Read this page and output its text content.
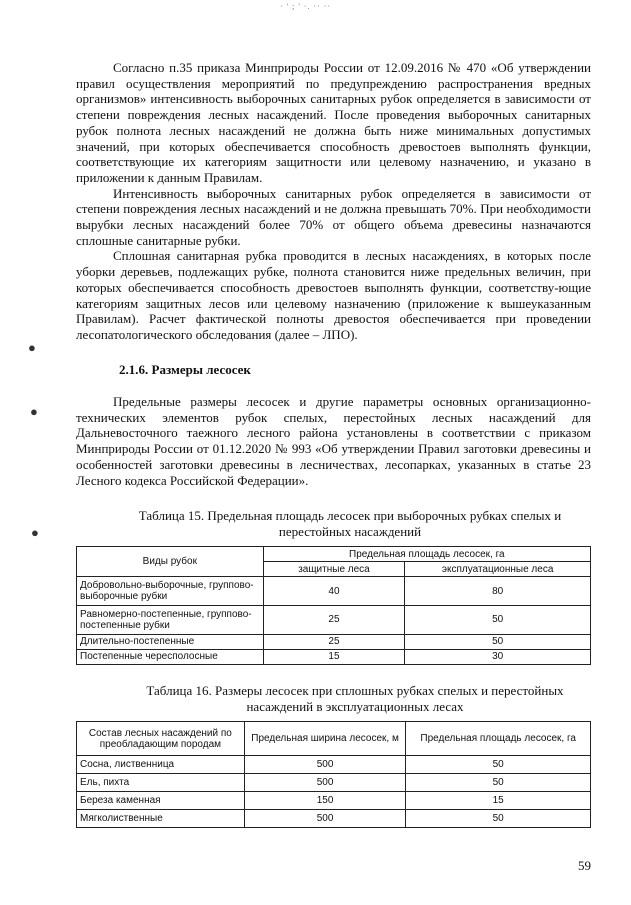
· ' ; ' ·. ·· ··
●
●
●

Согласно п.35 приказа Минприроды России от 12.09.2016 № 470 «Об утверждении правил осуществления мероприятий по предупреждению распространения вредных организмов» интенсивность выборочных санитарных рубок определяется в зависимости от степени повреждения лесных насаждений. После проведения выборочных санитарных рубок полнота лесных насаждений не должна быть ниже минимальных допустимых значений, при которых обеспечивается способность древостоев выполнять функции, соответствующие их категориям защитности или целевому назначению, и указано в приложении к данным Правилам.

Интенсивность выборочных санитарных рубок определяется в зависимости от степени повреждения лесных насаждений и не должна превышать 70%. При необходимости вырубки лесных насаждений более 70% от общего объема древесины назначаются сплошные санитарные рубки.

Сплошная санитарная рубка проводится в лесных насаждениях, в которых после уборки деревьев, подлежащих рубке, полнота становится ниже предельных величин, при которых обеспечивается способность древостоев выполнять функции, соответству-ющие категориям защитных лесов или целевому назначению (приложение к вышеуказанным Правилам). Расчет фактической полноты древостоя обеспечивается при проведении лесопатологического обследования (далее – ЛПО).

2.1.6. Размеры лесосек

Предельные размеры лесосек и другие параметры основных организационно-технических элементов рубок спелых, перестойных лесных насаждений для Дальневосточного таежного лесного района установлены в соответствии с приказом Минприроды России от 01.12.2020 № 993 «Об утверждении Правил заготовки древесины и особенностей заготовки древесины в лесничествах, лесопарках, указанных в статье 23 Лесного кодекса Российской Федерации».

Таблица 15. Предельная площадь лесосек при выборочных рубках спелых и перестойных насаждений
Виды рубок	Предельная площадь лесосек, га	
	защитные леса	эксплуатационные леса
Добровольно-выборочные, группово-выборочные рубки	40	80
Равномерно-постепенные, группово-постепенные рубки	25	50
Длительно-постепенные	25	50
Постепенные чересполосные	15	30
Таблица 16. Размеры лесосек при сплошных рубках спелых и перестойных насаждений в эксплуатационных лесах
Состав лесных насаждений по преобладающим породам	Предельная ширина лесосек, м	Предельная площадь лесосек, га
Сосна, лиственница	500	50
Ель, пихта	500	50
Береза каменная	150	15
Мягколиственные	500	50
59
